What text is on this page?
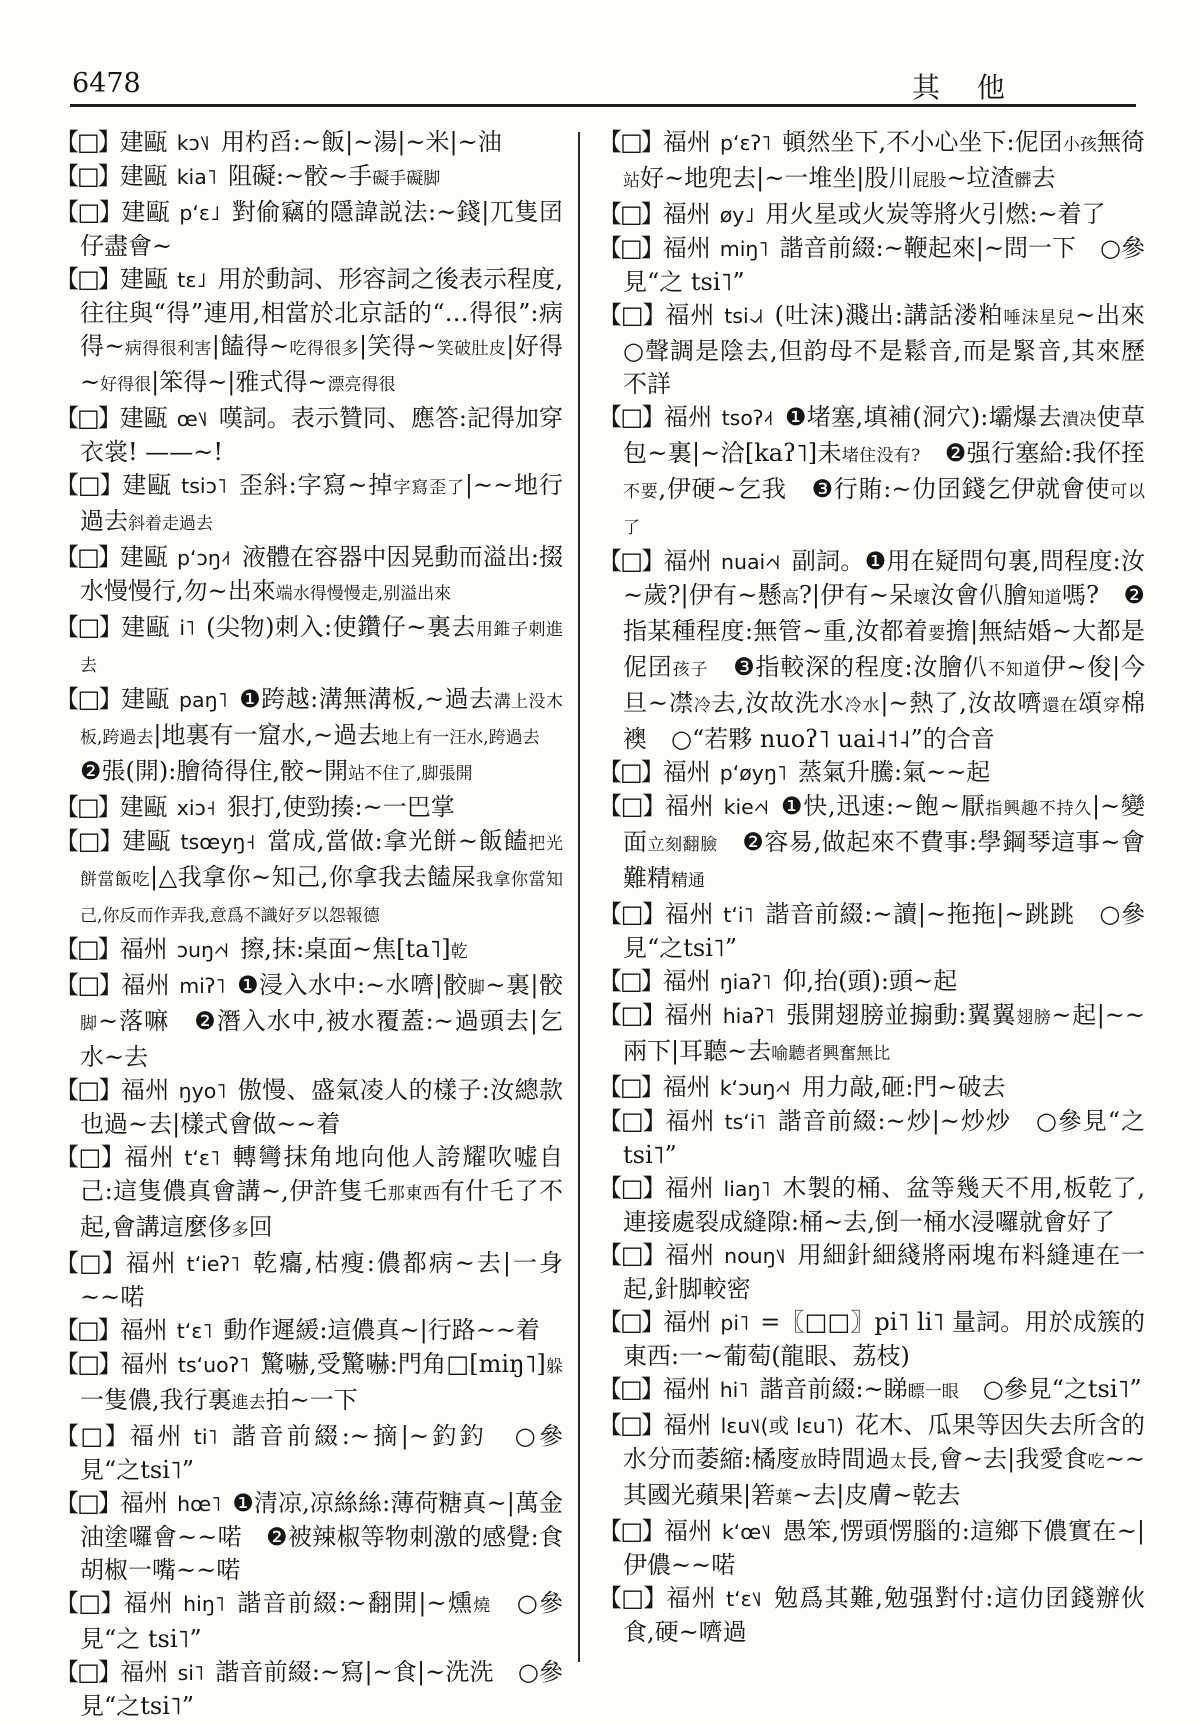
6478	其 他
【□】建甌 kɔ˥˩ 用杓舀:~飯|~湯|~米|~油
【□】建甌 kia˥ 阻礙:~骹~手礙手礙脚
【□】建甌 pʻɛ˩ 對偷竊的隱諱説法:~錢|兀隻囝仔盡會~
【□】建甌 tɛ˩ 用於動詞、形容詞之後表示程度,往往與“得”連用,相當於北京話的“…得很”:病得~病得很利害|饁得~吃得很多|笑得~笑破肚皮|好得~好得很|笨得~|雅式得~漂亮得很
【□】建甌 œ˥˩ 嘆詞。表示贊同、應答:記得加穿衣裳! ——~!
【□】建甌 tsiɔ˥ 歪斜:字寫~掉字寫歪了|~~地行過去斜着走過去
【□】建甌 pʻɔŋ˨˦ 液體在容器中因晃動而溢出:掇水慢慢行,勿~出來端水得慢慢走,别溢出來
【□】建甌 i˥ (尖物)刺入:使鑽仔~裏去用錐子刺進去
【□】建甌 paŋ˥ ❶跨越:溝無溝板,~過去溝上没木板,跨過去|地裏有一窟水,~過去地上有一汪水,跨過去　❷張(開):膾徛得住,骹~開站不住了,脚張開
【□】建甌 xiɔ˧ 狠打,使勁揍:~一巴掌
【□】建甌 tsœyŋ˧ 當成,當做:拿光餅~飯饁把光餅當飯吃|△我拿你~知己,你拿我去饁屎我拿你當知己,你反而作弄我,意爲不識好歹以怨報德
【□】福州 ɔuŋ˨˦˨ 擦,抹:桌面~焦[ta˥]乾
【□】福州 miʔ˥ ❶浸入水中:~水嚌|骹脚~裏|骹脚~落嘛　❷潛入水中,被水覆蓋:~過頭去|乞水~去
【□】福州 ŋyo˥ 傲慢、盛氣凌人的樣子:汝總款也過~去|樣式會做~~着
【□】福州 tʻɛ˥ 轉彎抹角地向他人誇耀吹嘘自己:這隻儂真會講~,伊許隻乇那東西有什乇了不起,會講這麼侈多回
【□】福州 tʻieʔ˥ 乾癟,枯瘦:儂都病~去|一身~~喏
【□】福州 tʻɛ˥ 動作遲緩:這儂真~|行路~~着
【□】福州 tsʻuoʔ˥ 驚嚇,受驚嚇:門角□[miŋ˥]躲一隻儂,我行裏進去拍~一下
【□】福州 ti˥ 諧音前綴:~摘|~釣釣　○參見“之tsi˥”
【□】福州 hœ˥ ❶清凉,凉絲絲:薄荷糖真~|萬金油塗囉會~~喏　❷被辣椒等物刺激的感覺:食胡椒一嘴~~喏
【□】福州 hiŋ˥ 諧音前綴:~翻開|~燻燒　○參見“之 tsi˥”
【□】福州 si˥ 諧音前綴:~寫|~食|~洗洗　○參見“之tsi˥”
【□】福州 pʻɛʔ˥ 頓然坐下,不小心坐下:伲囝小孩無徛站好~地兜去|~一堆坐|股川屁股~垃渣髒去
【□】福州 øy˩ 用火星或火炭等將火引燃:~着了
【□】福州 miŋ˥ 諧音前綴:~鞭起來|~問一下　○參見“之 tsi˥”
【□】福州 tsi˨˩˧ (吐沫)濺出:講話溇粕唾沫星兒~出來　○聲調是陰去,但韵母不是鬆音,而是緊音,其來歷不詳
【□】福州 tsoʔ˨˦ ❶堵塞,填補(洞穴):壩爆去潰决使草包~裏|~洽[kaʔ˥]未堵住没有?　❷强行塞給:我伓挃不要,伊硬~乞我　❸行賄:~仂囝錢乞伊就會使可以了
【□】福州 nuai˨˦˨ 副詞。❶用在疑問句裏,問程度:汝~歲?|伊有~懸高?|伊有~呆壞汝會仈膾知道嗎?　❷指某種程度:無管~重,汝都着要擔|無結婚~大都是伲囝孩子　❸指較深的程度:汝膾仈不知道伊~俊|今旦~凚冷去,汝故洗水冷水|~熱了,汝故嚌還在頌穿棉襖　○“若夥 nuoʔ˥ uai˨˦˨”的合音
【□】福州 pʻøyŋ˥ 蒸氣升騰:氣~~起
【□】福州 kie˨˦˨ ❶快,迅速:~飽~厭指興趣不持久|~變面立刻翻臉　❷容易,做起來不費事:學鋼琴這事~會難精精通
【□】福州 tʻi˥ 諧音前綴:~讀|~拖拖|~跳跳　○參見“之tsi˥”
【□】福州 ŋiaʔ˥ 仰,抬(頭):頭~起
【□】福州 hiaʔ˥ 張開翅膀並搧動:翼翼翅膀~起|~~兩下|耳聽~去喻聽者興奮無比
【□】福州 kʻɔuŋ˨˦˨ 用力敲,砸:門~破去
【□】福州 tsʻi˥ 諧音前綴:~炒|~炒炒　○參見“之tsi˥”
【□】福州 liaŋ˥ 木製的桶、盆等幾天不用,板乾了,連接處裂成縫隙:桶~去,倒一桶水浸囉就會好了
【□】福州 nouŋ˥˩ 用細針細綫將兩塊布料縫連在一起,針脚較密
【□】福州 pi˥ =〖□□〗pi˥ li˥ 量詞。用於成簇的東西:一~葡萄(龍眼、荔枝)
【□】福州 hi˥ 諧音前綴:~睇瞟一眼　○參見“之tsi˥”
【□】福州 lɛu˥˩(或 lɛu˥) 花木、瓜果等因失去所含的水分而萎縮:橘廀放時間過太長,會~去|我愛食吃~~其國光蘋果|箬葉~去|皮膚~乾去
【□】福州 kʻœ˥˩ 愚笨,愣頭愣腦的:這鄉下儂實在~|伊儂~~喏
【□】福州 tʻɛ˥˩ 勉爲其難,勉强對付:這仂囝錢辦伙食,硬~嚌過
